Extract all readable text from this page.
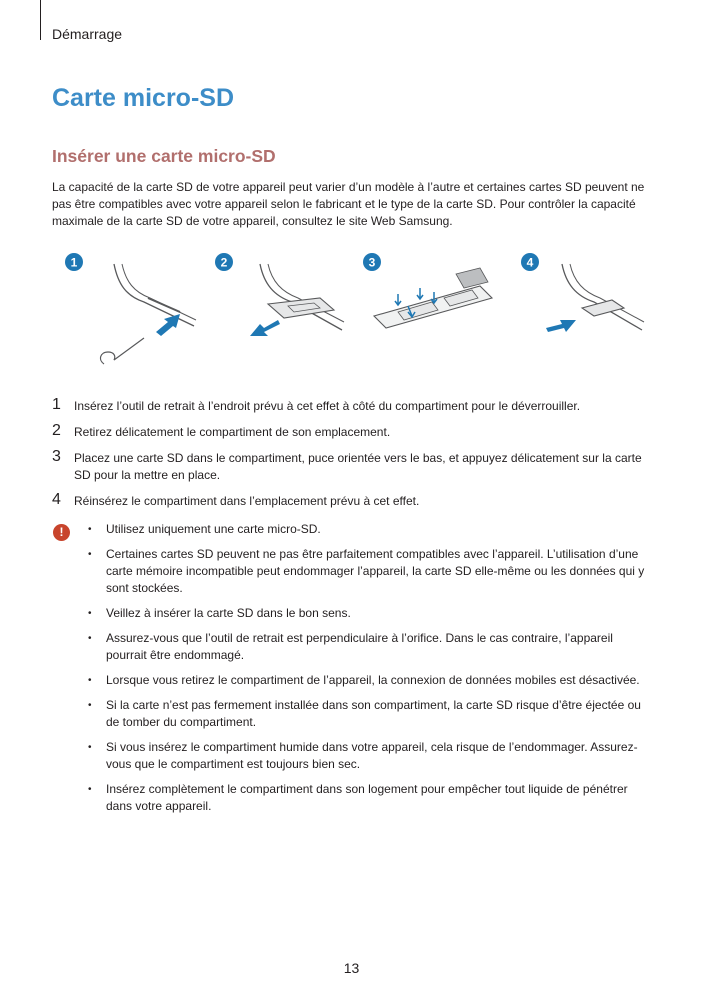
Démarrage
Carte micro-SD
Insérer une carte micro-SD

La capacité de la carte SD de votre appareil peut varier d’un modèle à l’autre et certaines cartes SD peuvent ne pas être compatibles avec votre appareil selon le fabricant et le type de la carte SD. Pour contrôler la capacité maximale de la carte SD de votre appareil, consultez le site Web Samsung.

1	2	3	4
1 Insérez l’outil de retrait à l’endroit prévu à cet effet à côté du compartiment pour le déverrouiller.
2 Retirez délicatement le compartiment de son emplacement.
3 Placez une carte SD dans le compartiment, puce orientée vers le bas, et appuyez délicatement sur la carte SD pour la mettre en place.
4 Réinsérez le compartiment dans l’emplacement prévu à cet effet.
!	• Utilisez uniquement une carte micro-SD.
• Certaines cartes SD peuvent ne pas être parfaitement compatibles avec l’appareil. L’utilisation d’une carte mémoire incompatible peut endommager l’appareil, la carte SD elle-même ou les données qui y sont stockées.
• Veillez à insérer la carte SD dans le bon sens.
• Assurez-vous que l’outil de retrait est perpendiculaire à l’orifice. Dans le cas contraire, l’appareil pourrait être endommagé.
• Lorsque vous retirez le compartiment de l’appareil, la connexion de données mobiles est désactivée.
• Si la carte n’est pas fermement installée dans son compartiment, la carte SD risque d’être éjectée ou de tomber du compartiment.
• Si vous insérez le compartiment humide dans votre appareil, cela risque de l’endommager. Assurez-vous que le compartiment est toujours bien sec.
• Insérez complètement le compartiment dans son logement pour empêcher tout liquide de pénétrer dans votre appareil.
13
